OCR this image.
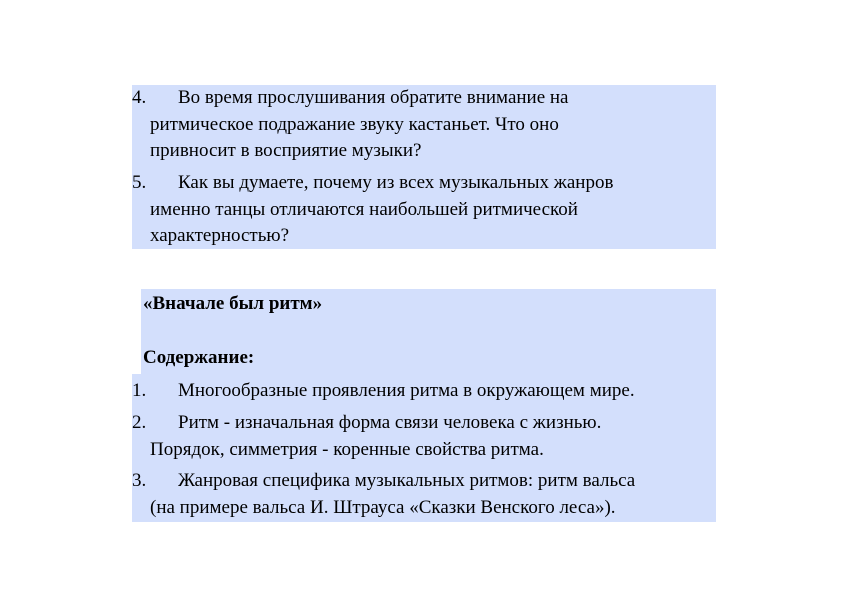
4.	Во время прослушивания обратите внимание на
ритмическое подражание звуку кастаньет. Что оно
привносит в восприятие музыки?

5.	Как вы думаете, почему из всех музыкальных жанров
именно танцы отличаются наибольшей ритмической
характерностью?

«Вначале был ритм»
Содержание:
1.	Многообразные проявления ритма в окружающем мире.

2.	Ритм - изначальная форма связи человека с жизнью.
Порядок, симметрия - коренные свойства ритма.

3.	Жанровая специфика музыкальных ритмов: ритм вальса
(на примере вальса И. Штрауса «Сказки Венского леса»).
